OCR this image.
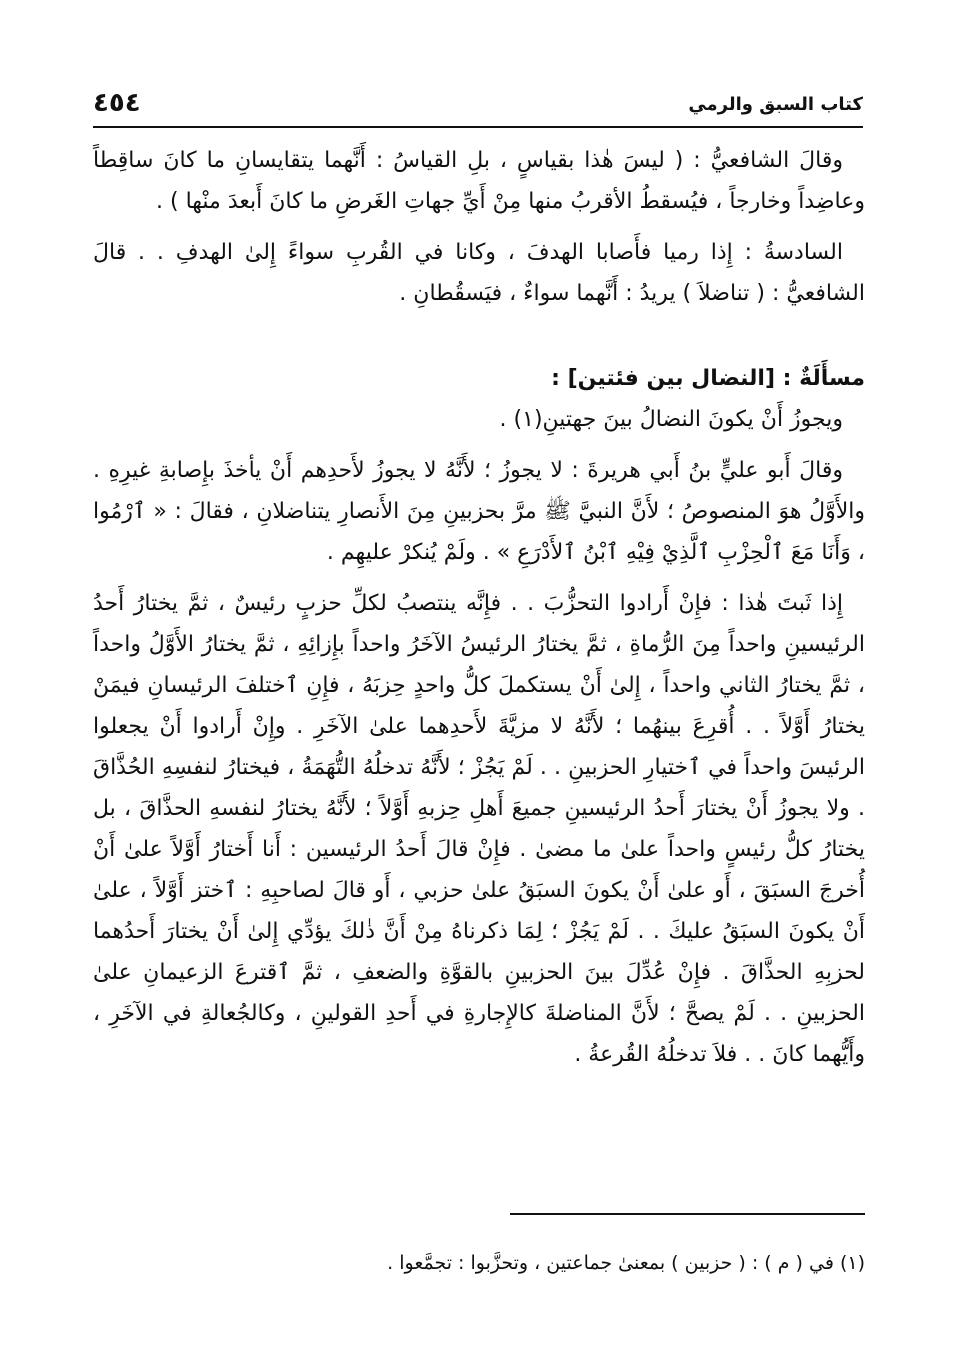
كتاب السبق والرمي
٤٥٤

وقالَ الشافعيُّ : ( ليسَ هٰذا بقياسٍ ، بلِ القياسُ : أَنَّهما يتقايسانِ ما كانَ ساقِطاً وعاضِداً وخارجاً ، فيُسقطُ الأقربُ منها مِنْ أَيِّ جهاتِ الغَرضِ ما كانَ أَبعدَ منْها ) .

السادسةُ : إِذا رميا فأَصابا الهدفَ ، وكانا في القُربِ سواءً إِلىٰ الهدفِ . . قالَ الشافعيُّ : ( تناضلاَ ) يريدُ : أَنَّهما سواءٌ ، فيَسقُطانِ .

مسأَلَةٌ : [النضال بين فئتين] :

ويجوزُ أَنْ يكونَ النضالُ بينَ جهتينِ(١) .

وقالَ أَبو عليٍّ بنُ أَبي هريرةَ : لا يجوزُ ؛ لأَنَّهُ لا يجوزُ لأَحدِهم أَنْ يأخذَ بإِصابةِ غيرِهِ . والأَوَّلُ هوَ المنصوصُ ؛ لأَنَّ النبيَّ ﷺ مرَّ بحزبينِ مِنَ الأَنصارِ يتناضلانِ ، فقالَ : « ٱرْمُوا ، وَأَنَا مَعَ ٱلْحِزْبِ ٱلَّذِيْ فِيْهِ ٱبْنُ ٱلأَدْرَعِ » . ولَمْ يُنكرْ عليهِم .

إِذا ثَبتَ هٰذا : فإِنْ أَرادوا التحزُّبَ . . فإِنَّه ينتصبُ لكلِّ حزبٍ رئيسٌ ، ثمَّ يختارُ أَحدُ الرئيسينِ واحداً مِنَ الرُّماةِ ، ثمَّ يختارُ الرئيسُ الآخَرُ واحداً بإِزائِهِ ، ثمَّ يختارُ الأَوَّلُ واحداً ، ثمَّ يختارُ الثاني واحداً ، إِلىٰ أَنْ يستكملَ كلُّ واحدٍ حِزبَهُ ، فإِنِ ٱختلفَ الرئيسانِ فيمَنْ يختارُ أَوَّلاً . . أُقرِعَ بينهُما ؛ لأَنَّهُ لا مزيَّةَ لأَحدِهما علىٰ الآخَرِ . وإِنْ أَرادوا أَنْ يجعلوا الرئيسَ واحداً في ٱختيارِ الحزبينِ . . لَمْ يَجُزْ ؛ لأَنَّهُ تدخلُهُ التُّهَمَةُ ، فيختارُ لنفسِهِ الحُذَّاقَ . ولا يجوزُ أَنْ يختارَ أَحدُ الرئيسينِ جميعَ أَهلِ حِزبهِ أَوَّلاً ؛ لأَنَّهُ يختارُ لنفسهِ الحذَّاقَ ، بل يختارُ كلُّ رئيسٍ واحداً علىٰ ما مضىٰ . فإِنْ قالَ أَحدُ الرئيسين : أَنا أَختارُ أَوَّلاً علىٰ أَنْ أُخرجَ السبَقَ ، أَو علىٰ أَنْ يكونَ السبَقُ علىٰ حزبي ، أَو قالَ لصاحبِهِ : ٱختز أَوَّلاً ، علىٰ أَنْ يكونَ السبَقُ عليكَ . . لَمْ يَجُزْ ؛ لِمَا ذكرناهُ مِنْ أَنَّ ذٰلكَ يؤدِّي إِلىٰ أَنْ يختارَ أَحدُهما لحزبِهِ الحذَّاقَ . فإِنْ عُدِّلَ بينَ الحزبينِ بالقوَّةِ والضعفِ ، ثمَّ ٱقترعَ الزعيمانِ علىٰ الحزبينِ . . لَمْ يصحَّ ؛ لأَنَّ المناضلةَ كالإِجارةِ في أَحدِ القولينِ ، وكالجُعالةِ في الآخَرِ ، وأَيُّهما كانَ . . فلاَ تدخلُهُ القُرعةُ .

(١) في ( م ) : ( حزبين ) بمعنىٰ جماعتين ، وتحزَّبوا : تجمَّعوا .
